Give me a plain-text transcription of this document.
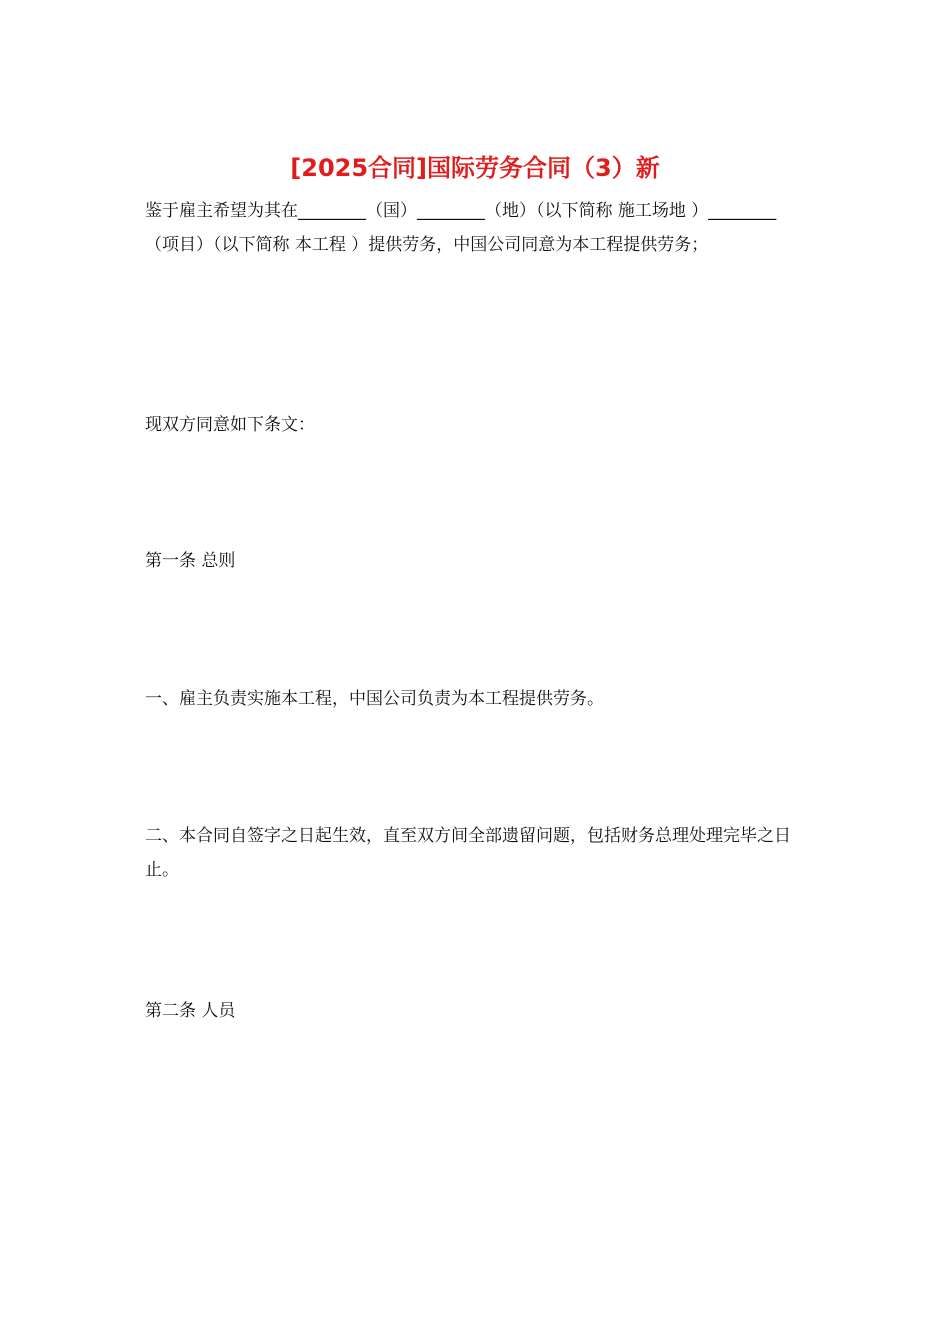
[2025合同]国际劳务合同（3）新

鉴于雇主希望为其在________（国）________（地）（以下简称 施工场地 ）________（项目）（以下简称 本工程 ）提供劳务，中国公司同意为本工程提供劳务；

现双方同意如下条文：

第一条 总则

一、雇主负责实施本工程，中国公司负责为本工程提供劳务。

二、本合同自签字之日起生效，直至双方间全部遗留问题，包括财务总理处理完毕之日止。

第二条 人员
